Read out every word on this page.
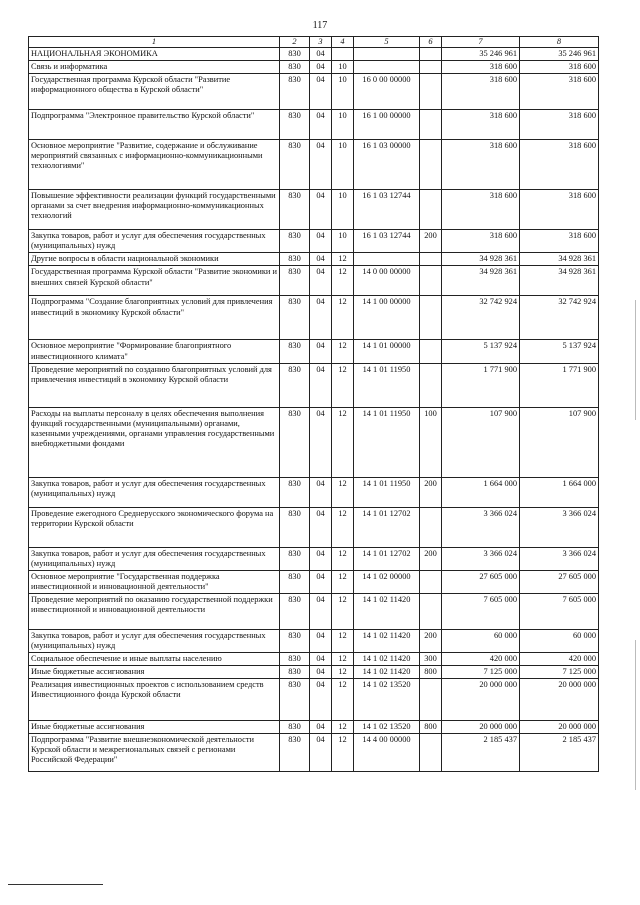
117
1	2	3	4	5	6	7	8
НАЦИОНАЛЬНАЯ ЭКОНОМИКА	830	04				35 246 961	35 246 961
Связь и информатика	830	04	10			318 600	318 600
Государственная программа Курской области "Развитие информационного общества в Курской области"	830	04	10	16 0 00 00000		318 600	318 600
Подпрограмма "Электронное правительство Курской области"	830	04	10	16 1 00 00000		318 600	318 600
Основное мероприятие "Развитие, содержание и обслуживание мероприятий связанных с информационно-коммуникационными технологиями"	830	04	10	16 1 03 00000		318 600	318 600
Повышение эффективности реализации функций государственными органами за счет внедрения информационно-коммуникационных технологий	830	04	10	16 1 03 12744		318 600	318 600
Закупка товаров, работ и услуг для обеспечения государственных (муниципальных) нужд	830	04	10	16 1 03 12744	200	318 600	318 600
Другие вопросы в области национальной экономики	830	04	12			34 928 361	34 928 361
Государственная программа Курской области "Развитие экономики и внешних связей Курской области"	830	04	12	14 0 00 00000		34 928 361	34 928 361
Подпрограмма "Создание благоприятных условий для привлечения инвестиций в экономику Курской области"	830	04	12	14 1 00 00000		32 742 924	32 742 924
Основное мероприятие "Формирование благоприятного инвестиционного климата"	830	04	12	14 1 01 00000		5 137 924	5 137 924
Проведение мероприятий по созданию благоприятных условий для привлечения инвестиций в экономику Курской области	830	04	12	14 1 01 11950		1 771 900	1 771 900
Расходы на выплаты персоналу в целях обеспечения выполнения функций государственными (муниципальными) органами, казенными учреждениями, органами управления государственными внебюджетными фондами	830	04	12	14 1 01 11950	100	107 900	107 900
Закупка товаров, работ и услуг для обеспечения государственных (муниципальных) нужд	830	04	12	14 1 01 11950	200	1 664 000	1 664 000
Проведение ежегодного Среднерусского экономического форума на территории Курской области	830	04	12	14 1 01 12702		3 366 024	3 366 024
Закупка товаров, работ и услуг для обеспечения государственных (муниципальных) нужд	830	04	12	14 1 01 12702	200	3 366 024	3 366 024
Основное мероприятие "Государственная поддержка инвестиционной и инновационной деятельности"	830	04	12	14 1 02 00000		27 605 000	27 605 000
Проведение мероприятий по оказанию государственной поддержки инвестиционной и инновационной деятельности	830	04	12	14 1 02 11420		7 605 000	7 605 000
Закупка товаров, работ и услуг для обеспечения государственных (муниципальных) нужд	830	04	12	14 1 02 11420	200	60 000	60 000
Социальное обеспечение и иные выплаты населению	830	04	12	14 1 02 11420	300	420 000	420 000
Иные бюджетные ассигнования	830	04	12	14 1 02 11420	800	7 125 000	7 125 000
Реализация инвестиционных проектов с использованием средств Инвестиционного фонда Курской области	830	04	12	14 1 02 13520		20 000 000	20 000 000
Иные бюджетные ассигнования	830	04	12	14 1 02 13520	800	20 000 000	20 000 000
Подпрограмма "Развитие внешнеэкономической деятельности Курской области и межрегиональных связей с регионами Российской Федерации"	830	04	12	14 4 00 00000		2 185 437	2 185 437
